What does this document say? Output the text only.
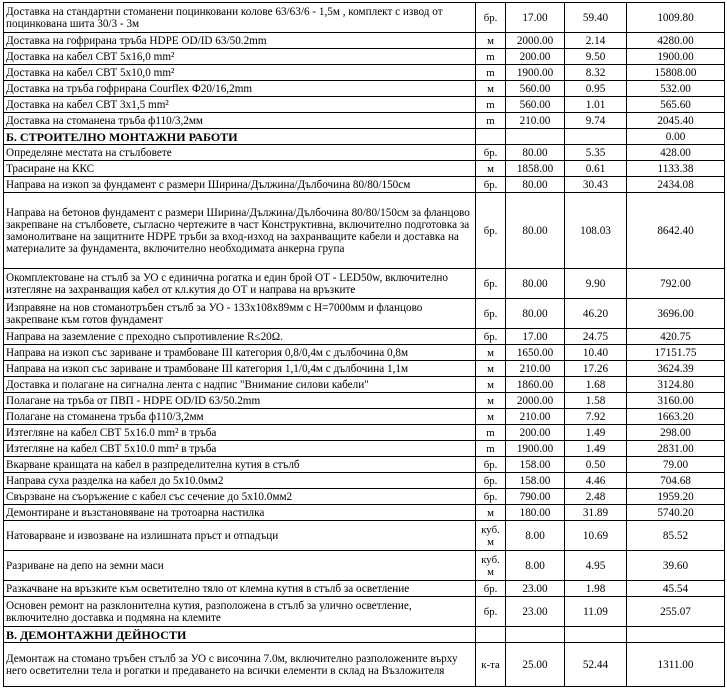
Доставка на стандартни стоманени поцинковани колове 63/63/6 - 1,5м , комплект с извод от поцинкована шита 30/3 - 3м	бр.	17.00	59.40	1009.80
Доставка на гофрирана тръба HDPE OD/ID 63/50.2mm	м	2000.00	2.14	4280.00
Доставка на кабел СВТ 5х16,0 mm²	m	200.00	9.50	1900.00
Доставка на кабел СВТ 5х10,0 mm²	m	1900.00	8.32	15808.00
Доставка на тръба гофрирана Courflex Ф20/16,2mm	м	560.00	0.95	532.00
Доставка на кабел СВТ 3х1,5 mm²	m	560.00	1.01	565.60
Доставка на стоманена тръба ф110/3,2мм	m	210.00	9.74	2045.40
Б. СТРОИТЕЛНО МОНТАЖНИ РАБОТИ				0.00
Определяне местата на стълбовете	бр.	80.00	5.35	428.00
Трасиране на ККС	м	1858.00	0.61	1133.38
Направа на изкоп за фундамент с размери Ширина/Дължина/Дълбочина 80/80/150см	бр.	80.00	30.43	2434.08
Направа на бетонов фундамент с размери Ширина/Дължина/Дълбочина 80/80/150см за фланцово закрепване на стълбовете, съгласно чертежите в част Конструктивна, включително подготовка за замонолитване на защитните HDPE тръби за вход-изход на захранващите кабели и доставка на материалите за фундамента, включително необходимата анкерна група	бр.	80.00	108.03	8642.40
Окомплектоване на стълб за УО с единична рогатка и един брой ОТ - LED50w, включително изтегляне на захранващия кабел от кл.кутия до ОТ и направа на връзките	бр.	80.00	9.90	792.00
Изправяне на нов стоманотръбен стълб за УО - 133х108х89мм с Н=7000мм и фланцово закрепване към готов фундамент	бр.	80.00	46.20	3696.00
Направа на заземление с преходно съпротивление R≤20Ω.	бр.	17.00	24.75	420.75
Направа на изкоп със зариване и трамбоване III категория 0,8/0,4м с дълбочина 0,8м	м	1650.00	10.40	17151.75
Направа на изкоп със зариване и трамбоване III категория 1,1/0,4м с дълбочина 1,1м	м	210.00	17.26	3624.39
Доставка и полагане на сигнална лента с надпис "Внимание силови кабели"	м	1860.00	1.68	3124.80
Полагане на тръба от ПВП - HDPE OD/ID 63/50.2mm	м	2000.00	1.58	3160.00
Полагане на стоманена тръба ф110/3,2мм	м	210.00	7.92	1663.20
Изтегляне на кабел СВТ 5х16.0 mm² в тръба	m	200.00	1.49	298.00
Изтегляне на кабел СВТ 5х10.0 mm² в тръба	m	1900.00	1.49	2831.00
Вкарване краищата на кабел в разпределителна кутия в стълб	бр.	158.00	0.50	79.00
Направа суха разделка на кабел до 5х10.0мм2	бр.	158.00	4.46	704.68
Свързване на съоръжение с кабел със сечение до 5х10.0мм2	бр.	790.00	2.48	1959.20
Демонтиране и възстановяване на тротоарна настилка	м	180.00	31.89	5740.20
Натоварване и извозване на излишната пръст и отпадъци	куб. м	8.00	10.69	85.52
Разриване на депо на земни маси	куб. м	8.00	4.95	39.60
Разкачване на връзките към осветително тяло от клемна кутия в стълб за осветление	бр.	23.00	1.98	45.54
Основен ремонт на разклонителна кутия, разположена в стълб за улично осветление, включително доставка и подмяна на клемите	бр.	23.00	11.09	255.07
В. ДЕМОНТАЖНИ ДЕЙНОСТИ				
Демонтаж на стомано тръбен стълб за УО с височина 7.0м, включително разположените върху него осветителни тела и рогатки и предаването на всички елементи в склад на Възложителя	к-та	25.00	52.44	1311.00
